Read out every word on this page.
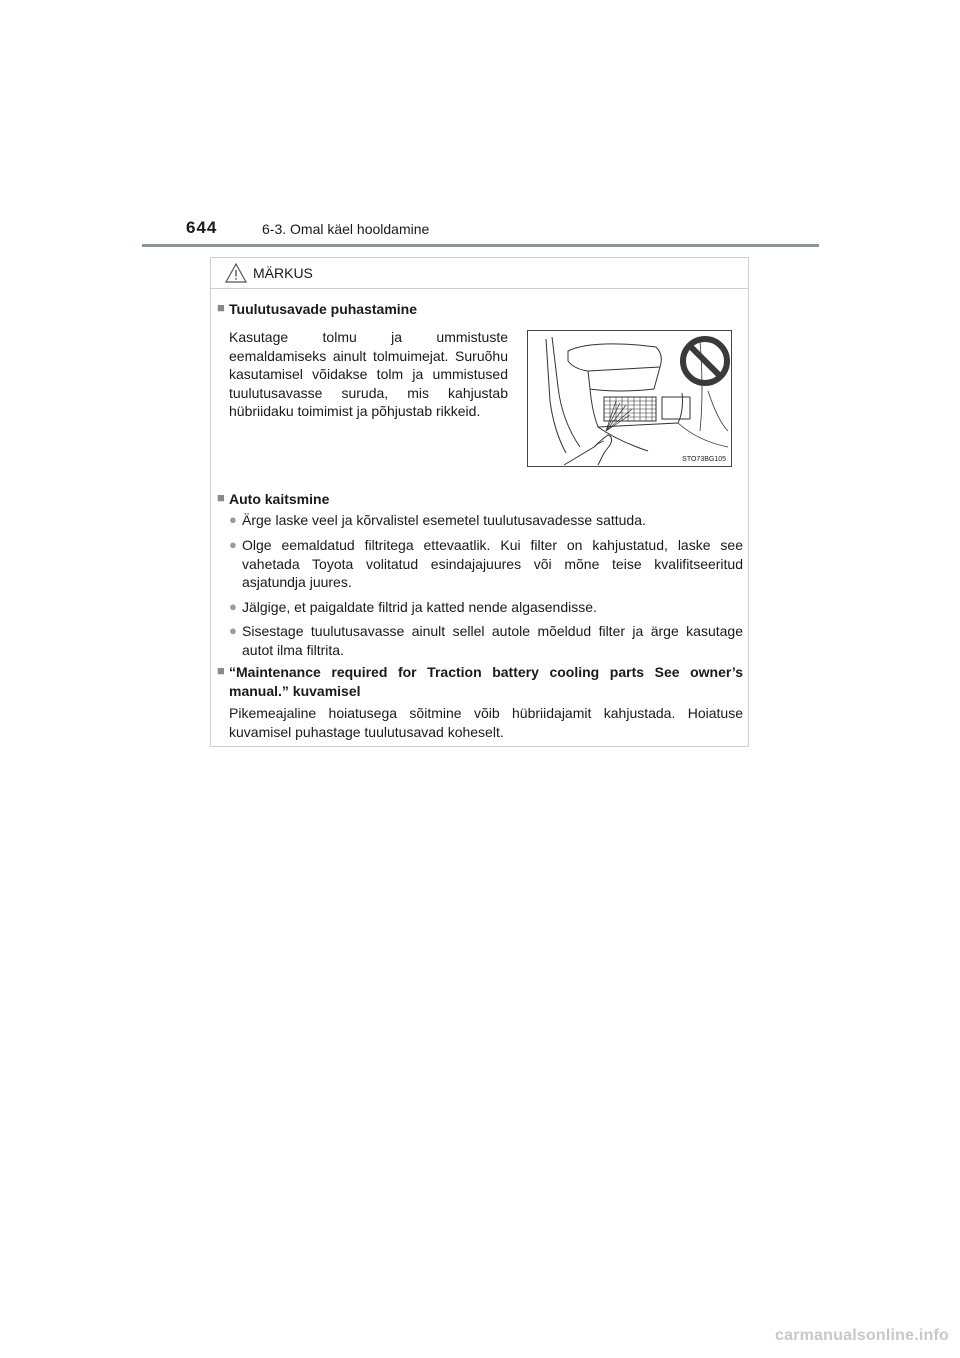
644	6-3. Omal käel hooldamine
MÄRKUS
■ Tuulutusavade puhastamine
Kasutage tolmu ja ummistuste eemaldamiseks ainult tolmuimejat. Suruõhu kasutamisel võidakse tolm ja ummistused tuulutusavasse suruda, mis kahjustab hübriidaku toimimist ja põhjustab rikkeid.
STO73BG105
■ Auto kaitsmine
● Ärge laske veel ja kõrvalistel esemetel tuulutusavadesse sattuda.
● Olge eemaldatud filtritega ettevaatlik. Kui filter on kahjustatud, laske see vahetada Toyota volitatud esindajajuures või mõne teise kvalifitseeritud asjatundja juures.
● Jälgige, et paigaldate filtrid ja katted nende algasendisse.
● Sisestage tuulutusavasse ainult sellel autole mõeldud filter ja ärge kasutage autot ilma filtrita.
■ “Maintenance required for Traction battery cooling parts See owner’s manual.” kuvamisel
Pikemeajaline hoiatusega sõitmine võib hübriidajamit kahjustada. Hoiatuse kuvamisel puhastage tuulutusavad koheselt.
carmanualsonline.info
